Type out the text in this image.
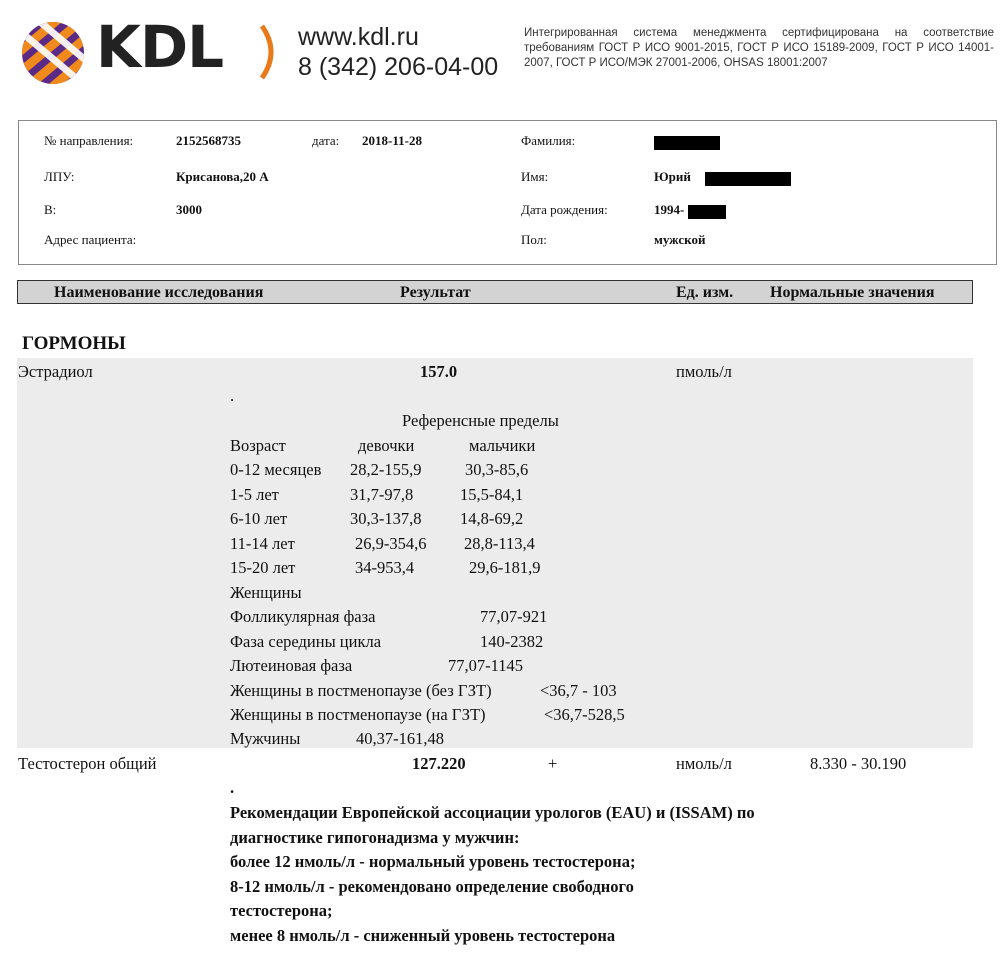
KDL	www.kdl.ru
8 (342) 206-04-00
Интегрированная система менеджмента сертифицирована на соответствие требованиям ГОСТ Р ИСО 9001-2015, ГОСТ Р ИСО 15189-2009, ГОСТ Р ИСО 14001-2007, ГОСТ Р ИСО/МЭК 27001-2006, OHSAS 18001:2007
№ направления:	2152568735	дата: 2018-11-28
ЛПУ:	Крисанова,20 А
В:	3000
Адрес пациента:
Фамилия:
Имя:	Юрий
Дата рождения:	1994-
Пол:	мужской
Наименование исследования	Результат	Ед. изм. Нормальные значения
ГОРМОНЫ
Эстрадиол	157.0	пмоль/л
.
Референсные пределы
Возраст	девочки	мальчики
0-12 месяцев 28,2-155,9	30,3-85,6
1-5 лет	31,7-97,8	15,5-84,1
6-10 лет	30,3-137,8 14,8-69,2
11-14 лет	26,9-354,6 28,8-113,4
15-20 лет	34-953,4	29,6-181,9
Женщины
Фолликулярная фаза	77,07-921
Фаза середины цикла	140-2382
Лютеиновая фаза	77,07-1145
Женщины в постменопаузе (без ГЗТ)	<36,7 - 103
Женщины в постменопаузе (на ГЗТ)	<36,7-528,5
Мужчины	40,37-161,48
Тестостерон общий	127.220	+	нмоль/л	8.330 - 30.190
.
Рекомендации Европейской ассоциации урологов (EAU) и (ISSAM) по
диагностике гипогонадизма у мужчин:
более 12 нмоль/л - нормальный уровень тестостерона;
8-12 нмоль/л - рекомендовано определение свободного
тестостерона;
менее 8 нмоль/л - сниженный уровень тестостерона
